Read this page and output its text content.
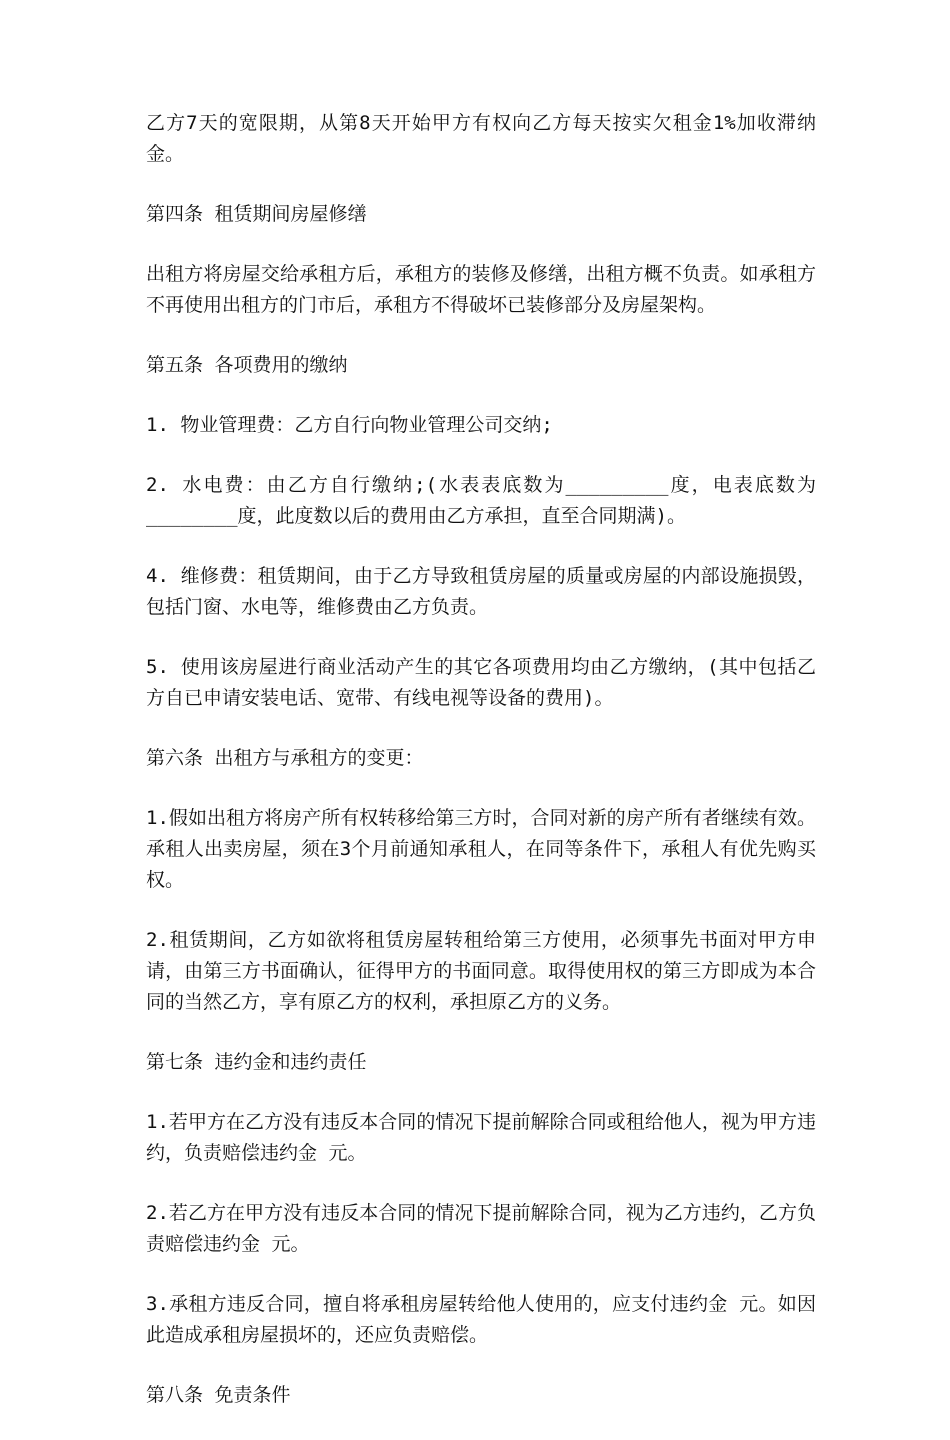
乙方7天的宽限期，从第8天开始甲方有权向乙方每天按实欠租金1%加收滞纳金。

第四条 租赁期间房屋修缮

出租方将房屋交给承租方后，承租方的装修及修缮，出租方概不负责。如承租方不再使用出租方的门市后，承租方不得破坏已装修部分及房屋架构。

第五条 各项费用的缴纳

1. 物业管理费：乙方自行向物业管理公司交纳;

2. 水电费：由乙方自行缴纳;(水表表底数为_________度，电表底数为________度，此度数以后的费用由乙方承担，直至合同期满)。

4. 维修费：租赁期间，由于乙方导致租赁房屋的质量或房屋的内部设施损毁，包括门窗、水电等，维修费由乙方负责。

5. 使用该房屋进行商业活动产生的其它各项费用均由乙方缴纳，(其中包括乙方自已申请安装电话、宽带、有线电视等设备的费用)。

第六条 出租方与承租方的变更：

1.假如出租方将房产所有权转移给第三方时，合同对新的房产所有者继续有效。承租人出卖房屋，须在3个月前通知承租人，在同等条件下，承租人有优先购买权。

2.租赁期间，乙方如欲将租赁房屋转租给第三方使用，必须事先书面对甲方申请，由第三方书面确认，征得甲方的书面同意。取得使用权的第三方即成为本合同的当然乙方，享有原乙方的权利，承担原乙方的义务。

第七条 违约金和违约责任

1.若甲方在乙方没有违反本合同的情况下提前解除合同或租给他人，视为甲方违约，负责赔偿违约金 元。

2.若乙方在甲方没有违反本合同的情况下提前解除合同，视为乙方违约，乙方负责赔偿违约金 元。

3.承租方违反合同，擅自将承租房屋转给他人使用的，应支付违约金 元。如因此造成承租房屋损坏的，还应负责赔偿。

第八条 免责条件
